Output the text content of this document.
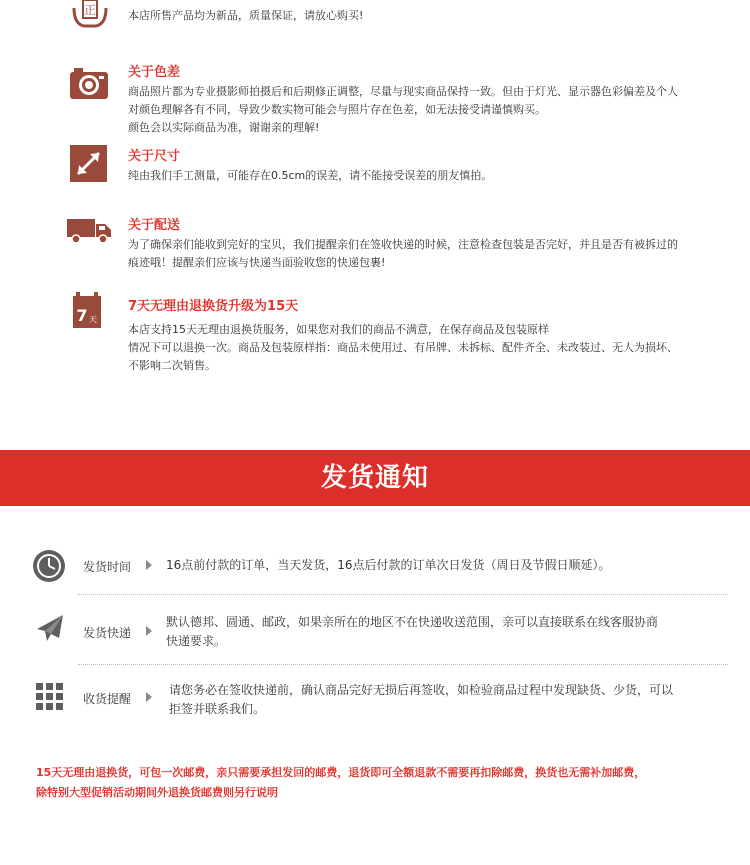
正	本店所售产品均为新品，质量保证，请放心购买!
关于色差
商品照片都为专业摄影师拍摄后和后期修正调整，尽量与现实商品保持一致。但由于灯光、显示器色彩偏差及个人
对颜色理解各有不同，导致少数实物可能会与照片存在色差，如无法接受请谨慎购买。
颜色会以实际商品为准，谢谢亲的理解!
关于尺寸
纯由我们手工测量，可能存在0.5cm的误差，请不能接受误差的朋友慎拍。
关于配送
为了确保亲们能收到完好的宝贝，我们提醒亲们在签收快递的时候，注意检查包装是否完好，并且是否有被拆过的
痕迹哦！提醒亲们应该与快递当面验收您的快递包裹!
7 天
7天无理由退换货升级为15天
本店支持15天无理由退换货服务，如果您对我们的商品不满意，在保存商品及包装原样
情况下可以退换一次。商品及包装原样指：商品未使用过、有吊牌、未拆标、配件齐全、未改装过、无人为损坏、
不影响二次销售。
发货通知
发货时间	16点前付款的订单，当天发货，16点后付款的订单次日发货（周日及节假日顺延）。
发货快递
默认德邦、圆通、邮政，如果亲所在的地区不在快递收送范围，亲可以直接联系在线客服协商
快递要求。
收货提醒
请您务必在签收快递前，确认商品完好无损后再签收，如检验商品过程中发现缺货、少货，可以
拒签并联系我们。
15天无理由退换货，可包一次邮费，亲只需要承担发回的邮费，退货即可全额退款不需要再扣除邮费，换货也无需补加邮费，
除特别大型促销活动期间外退换货邮费则另行说明
